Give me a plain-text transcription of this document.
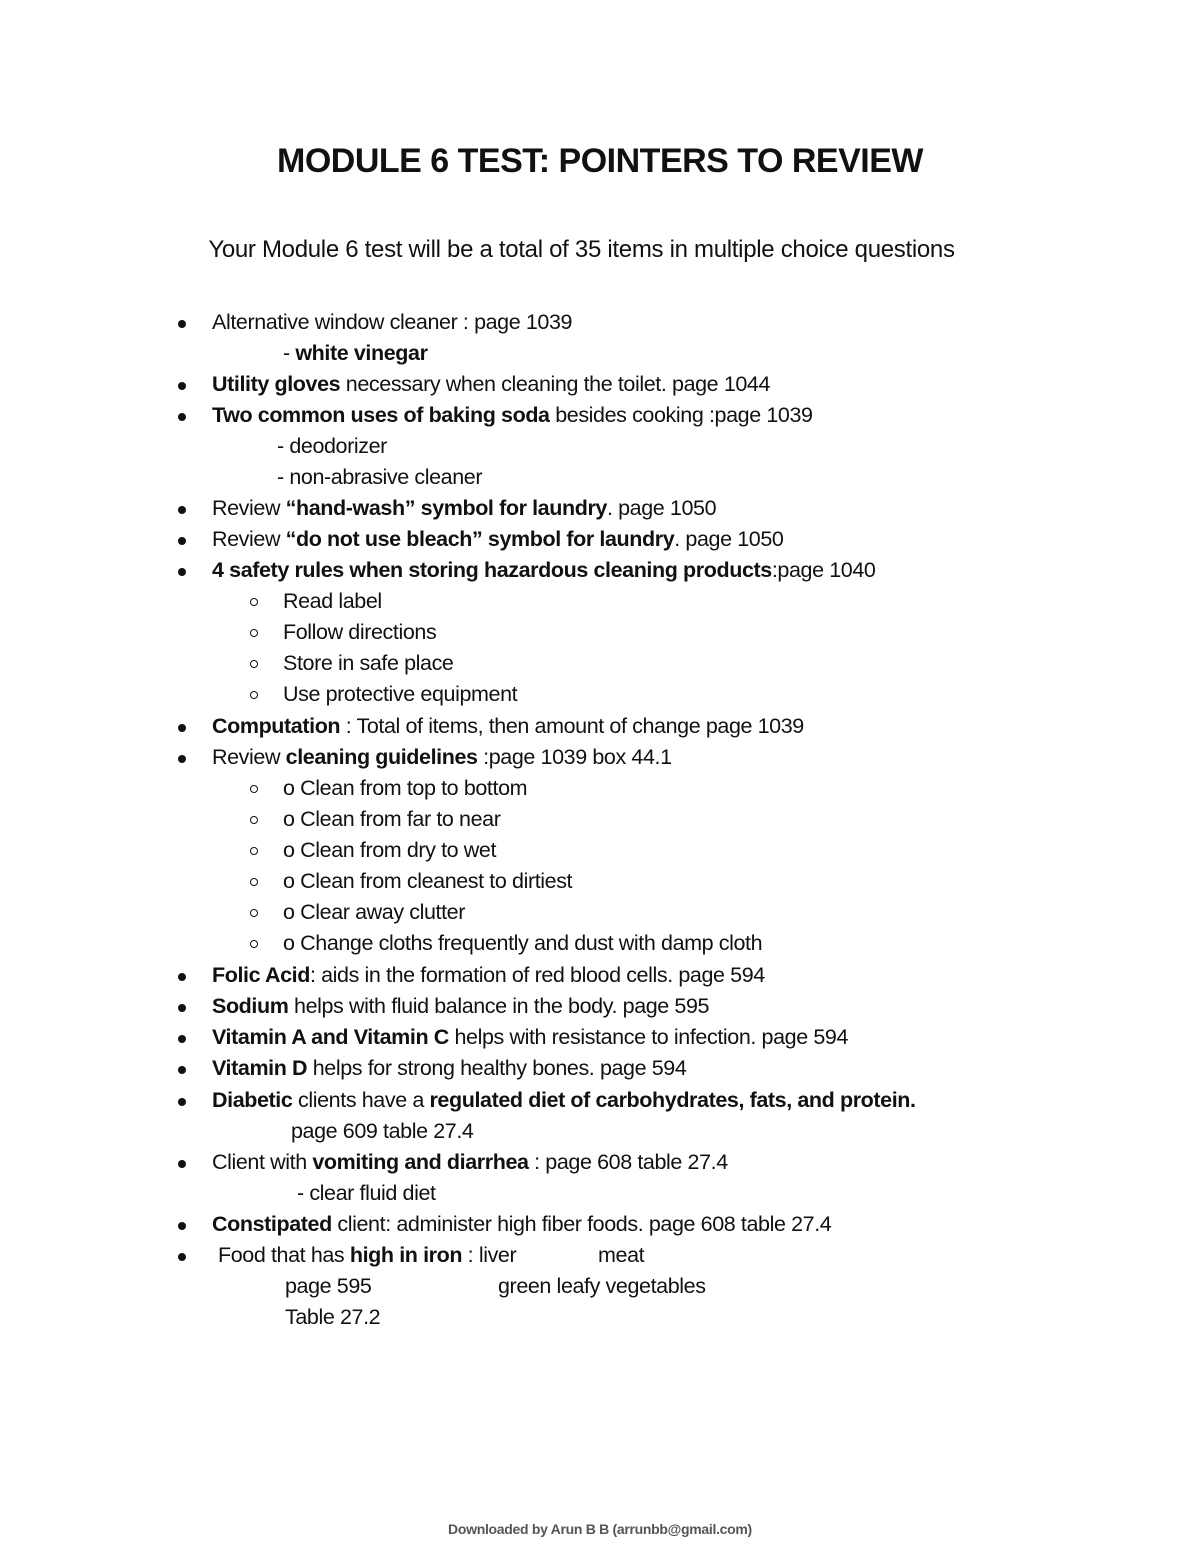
MODULE 6 TEST: POINTERS TO REVIEW
Your Module 6 test will be a total of 35 items in multiple choice questions
Alternative window cleaner : page 1039
- white vinegar
Utility gloves necessary when cleaning the toilet. page 1044
Two common uses of baking soda besides cooking :page 1039
- deodorizer
- non-abrasive cleaner
Review “hand-wash” symbol for laundry. page 1050
Review “do not use bleach” symbol for laundry. page 1050
4 safety rules when storing hazardous cleaning products:page 1040
Read label
Follow directions
Store in safe place
Use protective equipment
Computation : Total of items, then amount of change page 1039
Review cleaning guidelines :page 1039 box 44.1
o Clean from top to bottom
o Clean from far to near
o Clean from dry to wet
o Clean from cleanest to dirtiest
o Clear away clutter
o Change cloths frequently and dust with damp cloth
Folic Acid: aids in the formation of red blood cells. page 594
Sodium helps with fluid balance in the body. page 595
Vitamin A and Vitamin C helps with resistance to infection. page 594
Vitamin D helps for strong healthy bones. page 594
Diabetic clients have a regulated diet of carbohydrates, fats, and protein.
page 609 table 27.4
Client with vomiting and diarrhea : page 608 table 27.4
- clear fluid diet
Constipated client: administer high fiber foods. page 608 table 27.4
Food that has high in iron : liver	meat
page 595	green leafy vegetables
Table 27.2
Downloaded by Arun B B (arrunbb@gmail.com)
